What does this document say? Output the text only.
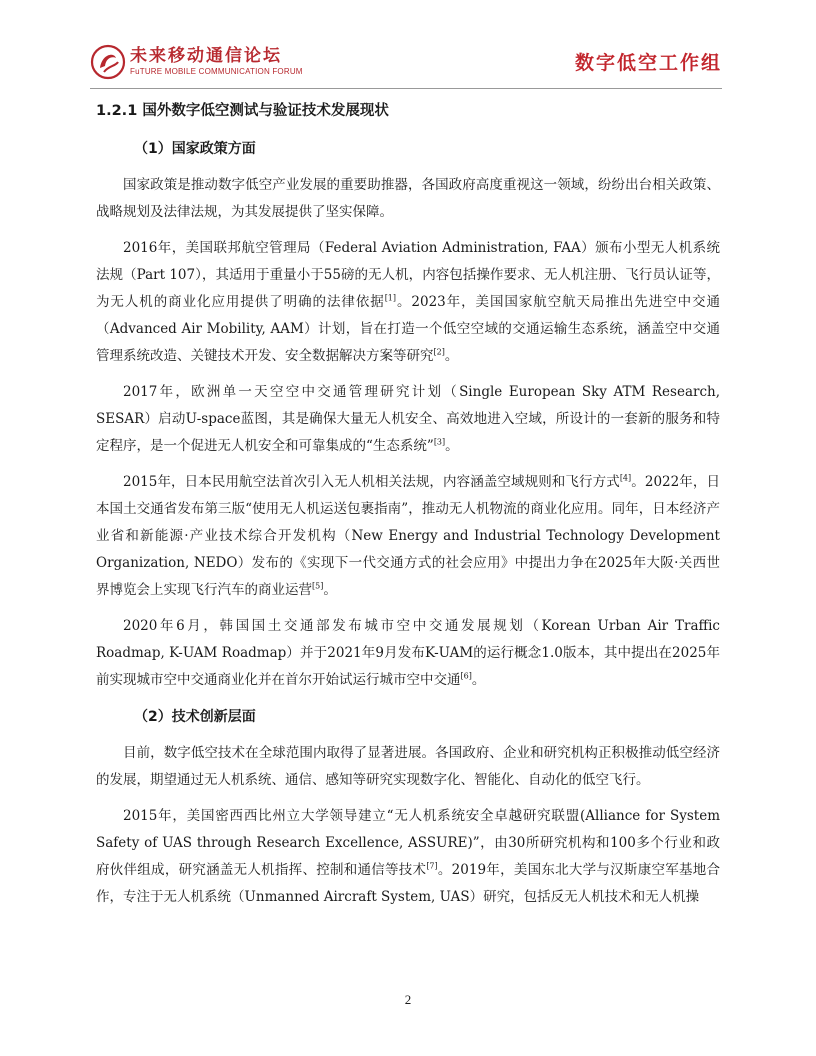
未来移动通信论坛
FuTURE MOBILE COMMUNICATION FORUM	数字低空工作组
1.2.1 国外数字低空测试与验证技术发展现状
（1）国家政策方面

国家政策是推动数字低空产业发展的重要助推器，各国政府高度重视这一领域，纷纷出台相关政策、战略规划及法律法规，为其发展提供了坚实保障。

2016年，美国联邦航空管理局（Federal Aviation Administration, FAA）颁布小型无人机系统法规（Part 107），其适用于重量小于55磅的无人机，内容包括操作要求、无人机注册、飞行员认证等，为无人机的商业化应用提供了明确的法律依据[1]。2023年，美国国家航空航天局推出先进空中交通（Advanced Air Mobility, AAM）计划，旨在打造一个低空空域的交通运输生态系统，涵盖空中交通管理系统改造、关键技术开发、安全数据解决方案等研究[2]。

2017年，欧洲单一天空空中交通管理研究计划（Single European Sky ATM Research, SESAR）启动U-space蓝图，其是确保大量无人机安全、高效地进入空域，所设计的一套新的服务和特定程序，是一个促进无人机安全和可靠集成的“生态系统”[3]。

2015年，日本民用航空法首次引入无人机相关法规，内容涵盖空域规则和飞行方式[4]。2022年，日本国土交通省发布第三版“使用无人机运送包裹指南”，推动无人机物流的商业化应用。同年，日本经济产业省和新能源·产业技术综合开发机构（New Energy and Industrial Technology Development Organization, NEDO）发布的《实现下一代交通方式的社会应用》中提出力争在2025年大阪·关西世界博览会上实现飞行汽车的商业运营[5]。

2020年6月，韩国国土交通部发布城市空中交通发展规划（Korean Urban Air Traffic Roadmap, K-UAM Roadmap）并于2021年9月发布K-UAM的运行概念1.0版本，其中提出在2025年前实现城市空中交通商业化并在首尔开始试运行城市空中交通[6]。

（2）技术创新层面

目前，数字低空技术在全球范围内取得了显著进展。各国政府、企业和研究机构正积极推动低空经济的发展，期望通过无人机系统、通信、感知等研究实现数字化、智能化、自动化的低空飞行。

2015年，美国密西西比州立大学领导建立“无人机系统安全卓越研究联盟(Alliance for System Safety of UAS through Research Excellence, ASSURE)”，由30所研究机构和100多个行业和政府伙伴组成，研究涵盖无人机指挥、控制和通信等技术[7]。2019年，美国东北大学与汉斯康空军基地合作，专注于无人机系统（Unmanned Aircraft System, UAS）研究，包括反无人机技术和无人机操

2
